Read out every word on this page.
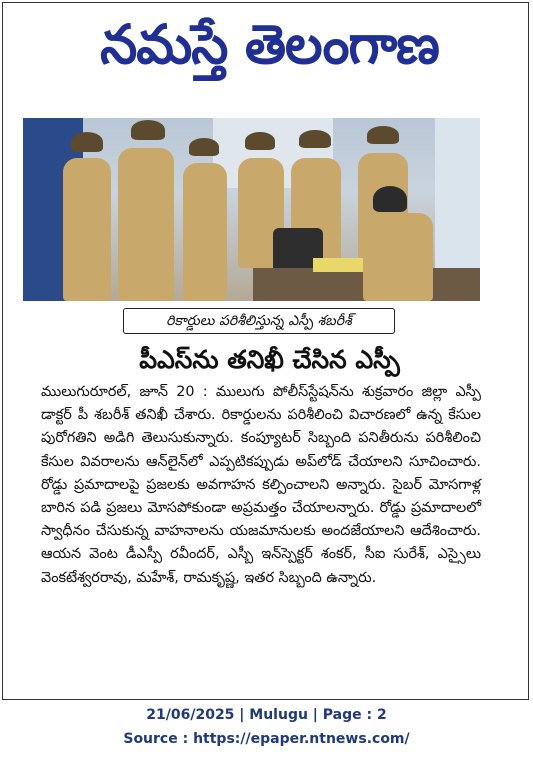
నమస్తే తెలంగాణ
రికార్డులు పరిశీలిస్తున్న ఎస్పీ శబరీశ్
పీఎస్‌ను తనిఖీ చేసిన ఎస్పీ
ములుగురూరల్, జూన్ 20 : ములుగు పోలీస్‌స్టేషన్‌ను శుక్రవారం జిల్లా ఎస్పీ డాక్టర్ పీ శబరీశ్ తనిఖీ చేశారు. రికార్డులను పరిశీలించి విచారణలో ఉన్న కేసుల పురోగతిని అడిగి తెలుసుకున్నారు. కంప్యూటర్ సిబ్బంది పనితీరును పరిశీలించి కేసుల వివరాలను ఆన్‌లైన్‌లో ఎప్పటికప్పుడు అప్‌లోడ్ చేయాలని సూచించారు. రోడ్డు ప్రమాదాలపై ప్రజలకు అవగాహన కల్పించాలని అన్నారు. సైబర్ మోసగాళ్ల బారిన పడి ప్రజలు మోసపోకుండా అప్రమత్తం చేయాలన్నారు. రోడ్డు ప్రమాదాలలో స్వాధీనం చేసుకున్న వాహనాలను యజమానులకు అందజేయాలని ఆదేశించారు. ఆయన వెంట డీఎస్పీ రవీందర్, ఎస్బీ ఇన్‌స్పెక్టర్ శంకర్, సీఐ సురేశ్, ఎస్సైలు వెంకటేశ్వరరావు, మహేశ్, రామకృష్ణ, ఇతర సిబ్బంది ఉన్నారు.
21/06/2025 | Mulugu | Page : 2
Source : https://epaper.ntnews.com/
